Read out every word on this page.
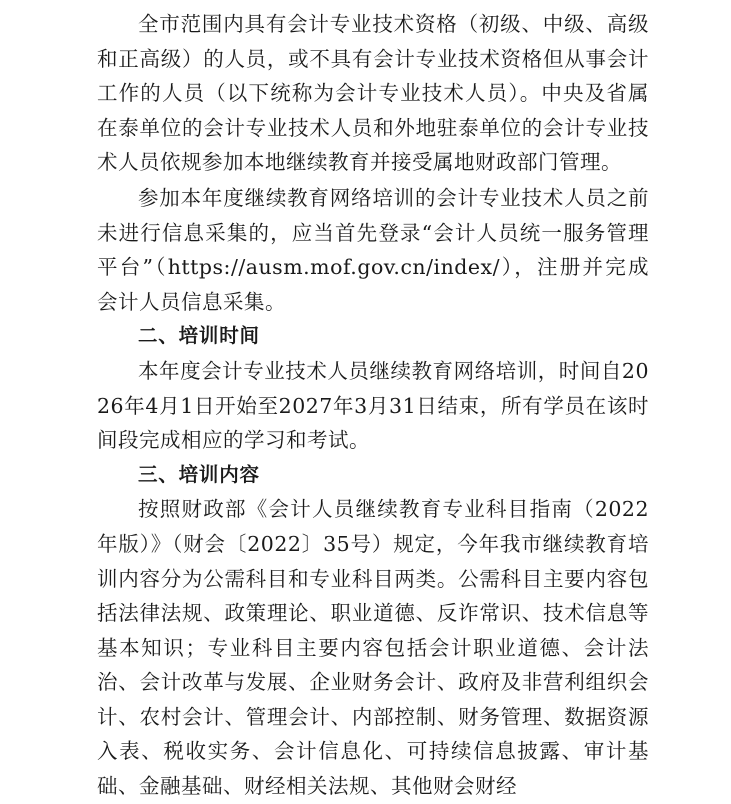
全市范围内具有会计专业技术资格（初级、中级、高级和正高级）的人员，或不具有会计专业技术资格但从事会计工作的人员（以下统称为会计专业技术人员）。中央及省属在泰单位的会计专业技术人员和外地驻泰单位的会计专业技术人员依规参加本地继续教育并接受属地财政部门管理。

参加本年度继续教育网络培训的会计专业技术人员之前未进行信息采集的，应当首先登录“会计人员统一服务管理平台”（https://ausm.mof.gov.cn/index/），注册并完成会计人员信息采集。

二、培训时间

本年度会计专业技术人员继续教育网络培训，时间自2026年4月1日开始至2027年3月31日结束，所有学员在该时间段完成相应的学习和考试。

三、培训内容

按照财政部《会计人员继续教育专业科目指南（2022年版）》（财会〔2022〕35号）规定，今年我市继续教育培训内容分为公需科目和专业科目两类。公需科目主要内容包括法律法规、政策理论、职业道德、反诈常识、技术信息等基本知识；专业科目主要内容包括会计职业道德、会计法治、会计改革与发展、企业财务会计、政府及非营利组织会计、农村会计、管理会计、内部控制、财务管理、数据资源入表、税收实务、会计信息化、可持续信息披露、审计基础、金融基础、财经相关法规、其他财会财经
